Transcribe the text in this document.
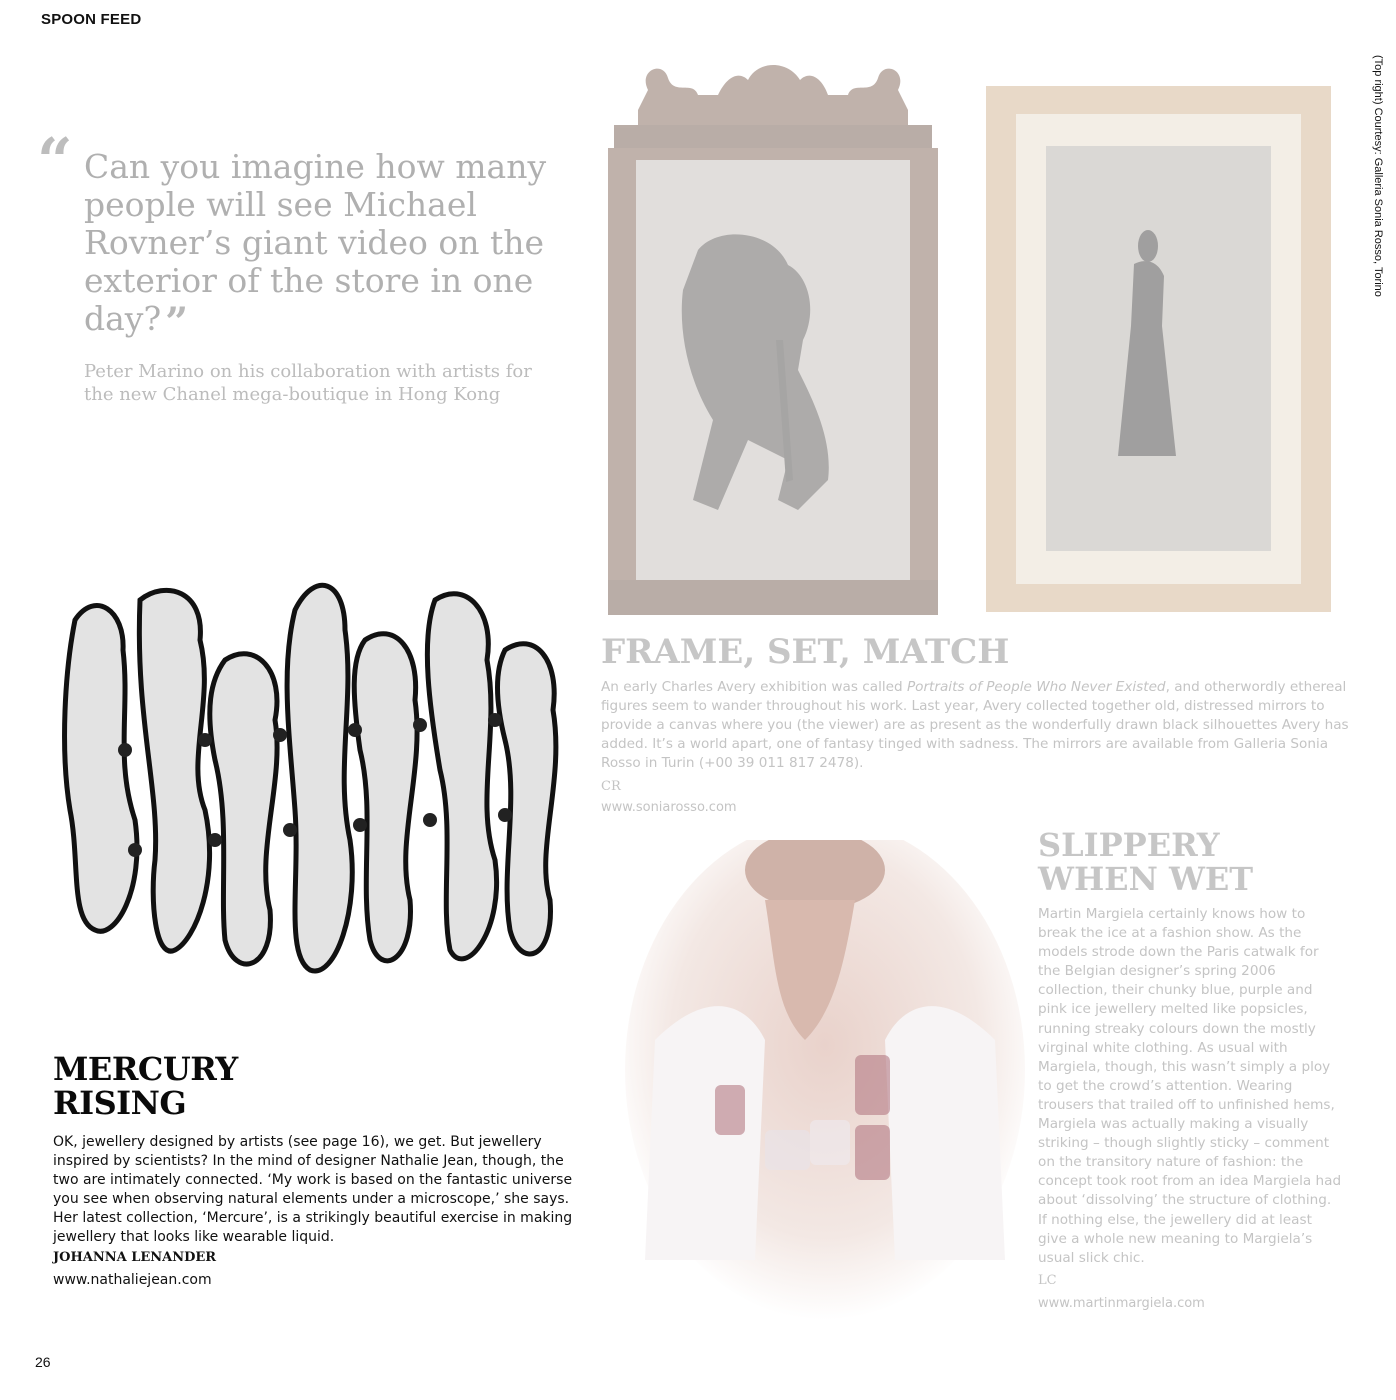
SPOON FEED
26
(Top right) Courtesy: Galleria Sonia Rosso, Torino
“ Can you imagine how many people will see Michael Rovner’s giant video on the exterior of the store in one day? ”
Peter Marino on his collaboration with artists for the new Chanel mega-boutique in Hong Kong
MERCURY
RISING
OK, jewellery designed by artists (see page 16), we get. But jewellery inspired by scientists? In the mind of designer Nathalie Jean, though, the two are intimately connected. ‘My work is based on the fantastic universe you see when observing natural elements under a microscope,’ she says. Her latest collection, ‘Mercure’, is a strikingly beautiful exercise in making jewellery that looks like wearable liquid.
JOHANNA LENANDER
www.nathaliejean.com
FRAME, SET, MATCH
An early Charles Avery exhibition was called Portraits of People Who Never Existed, and otherwordly ethereal figures seem to wander throughout his work. Last year, Avery collected together old, distressed mirrors to provide a canvas where you (the viewer) are as present as the wonderfully drawn black silhouettes Avery has added. It’s a world apart, one of fantasy tinged with sadness. The mirrors are available from Galleria Sonia Rosso in Turin (+00 39 011 817 2478).
CR
www.soniarosso.com
SLIPPERY
WHEN WET
Martin Margiela certainly knows how to break the ice at a fashion show. As the models strode down the Paris catwalk for the Belgian designer’s spring 2006 collection, their chunky blue, purple and pink ice jewellery melted like popsicles, running streaky colours down the mostly virginal white clothing. As usual with Margiela, though, this wasn’t simply a ploy to get the crowd’s attention. Wearing trousers that trailed off to unfinished hems, Margiela was actually making a visually striking – though slightly sticky – comment on the transitory nature of fashion: the concept took root from an idea Margiela had about ‘dissolving’ the structure of clothing. If nothing else, the jewellery did at least give a whole new meaning to Margiela’s usual slick chic.
LC
www.martinmargiela.com
